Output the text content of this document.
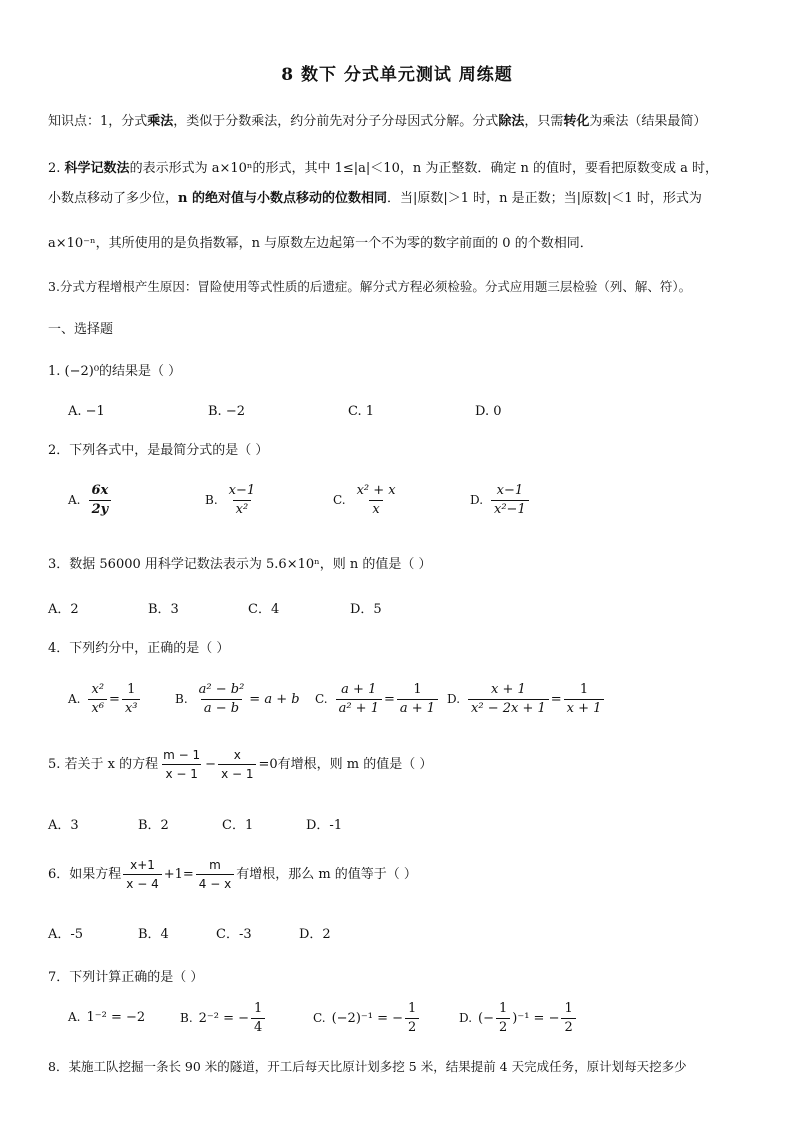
8 数下 分式单元测试 周练题
知识点：1，分式乘法，类似于分数乘法，约分前先对分子分母因式分解。分式除法，只需转化为乘法（结果最简）
2. 科学记数法的表示形式为 a×10ⁿ的形式，其中 1≤|a|＜10，n 为正整数．确定 n 的值时，要看把原数变成 a 时，
小数点移动了多少位，n 的绝对值与小数点移动的位数相同．当|原数|＞1 时，n 是正数；当|原数|＜1 时，形式为
a×10⁻ⁿ，其所使用的是负指数幂，n 与原数左边起第一个不为零的数字前面的 0 的个数相同．
3.分式方程增根产生原因：冒险使用等式性质的后遗症。解分式方程必须检验。分式应用题三层检验（列、解、符）。
一、选择题
1. (−2)⁰的结果是（ ）
A. −1	B. −2	C. 1	D. 0
2．下列各式中，是最简分式的是（ ）
A. $\frac{6x}{2y}$	B. $\frac{x-1}{\text{x²}}$	C. $\frac{\text{x² + x}}{x}$	D. $\frac{x-1}{\text{x²−1}}$
3．数据 56000 用科学记数法表示为 5.6×10ⁿ，则 n 的值是（ ）
A．2	B．3	C．4	D．5
4．下列约分中，正确的是（ ）
A. $\frac{\text{x²}}{\text{x⁶}} = \frac{1}{\text{x³}}$	B. $\frac{\text{a² − b²}}{a - b} = a + b$ C. $\frac{a + 1}{\text{a² + 1}} = \frac{1}{a + 1} D$. $\frac{x + 1}{\text{x² − 2x + 1}} = \frac{1}{x + 1}$
5. 若关于 x 的方程 $\frac{m - 1}{x - 1} - \frac{x}{x - 1} =0$有增根，则 m 的值是（ ）
A．3	B．2	C．1	D．-1
6．如果方程 $\frac{x+1}{x - 4} +1= \frac{m}{4 - x}$ 有增根，那么 m 的值等于（ ）
A．-5	B．4	C．-3	D．2
7．下列计算正确的是（ ）
A. 1⁻² = −2	B. 2⁻² = − $\frac{1}{4}$	C. (−2)⁻¹ = − $\frac{1}{2}$	D. (− $\frac{1}{2} )^{-1}$ = − $\frac{1}{2}$
8．某施工队挖掘一条长 90 米的隧道，开工后每天比原计划多挖 5 米，结果提前 4 天完成任务，原计划每天挖多少
